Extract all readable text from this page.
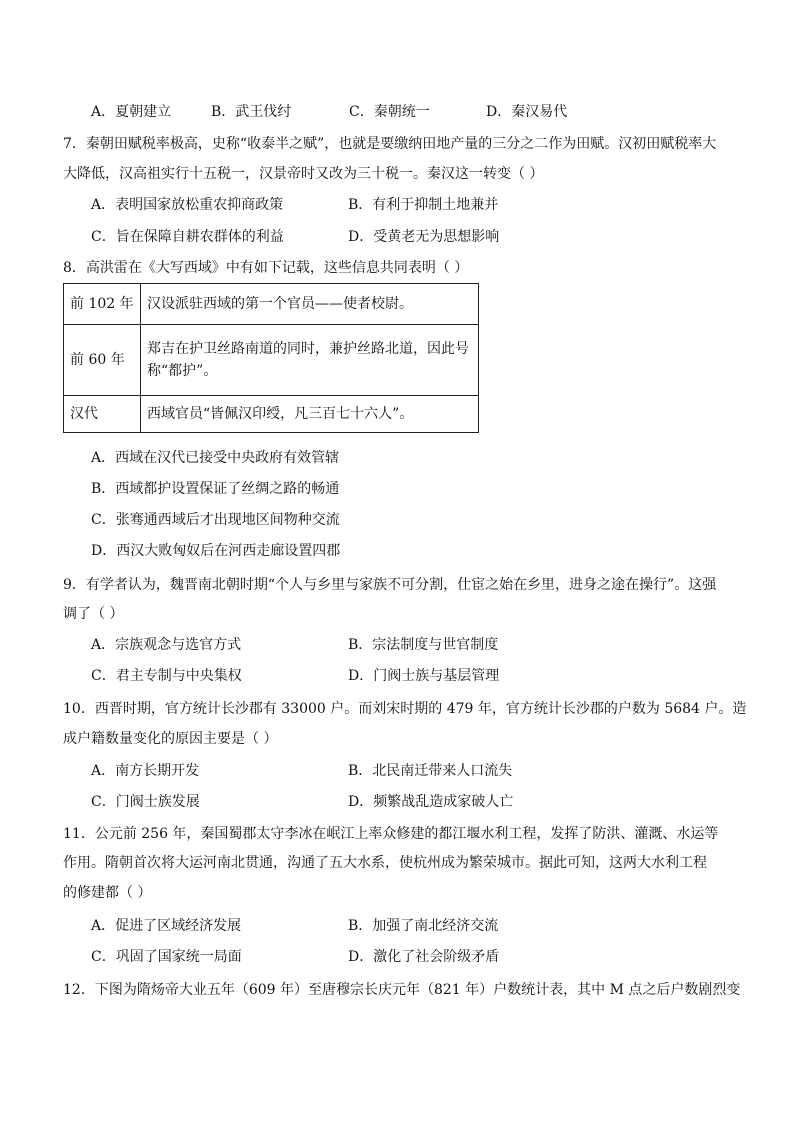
A．夏朝建立	B．武王伐纣	C．秦朝统一	D．秦汉易代
7．秦朝田赋税率极高，史称“收泰半之赋”，也就是要缴纳田地产量的三分之二作为田赋。汉初田赋税率大
大降低，汉高祖实行十五税一，汉景帝时又改为三十税一。秦汉这一转变（ ）
A．表明国家放松重农抑商政策	B．有利于抑制土地兼并
C．旨在保障自耕农群体的利益	D．受黄老无为思想影响
8．高洪雷在《大写西域》中有如下记载，这些信息共同表明（ ）
前 102 年	汉设派驻西域的第一个官员——使者校尉。
前 60 年	郑吉在护卫丝路南道的同时，兼护丝路北道，因此号
称“都护”。

汉代	西域官员“皆佩汉印绶，凡三百七十六人”。
A．西域在汉代已接受中央政府有效管辖
B．西域都护设置保证了丝绸之路的畅通
C．张骞通西域后才出现地区间物种交流
D．西汉大败匈奴后在河西走廊设置四郡
9．有学者认为，魏晋南北朝时期“个人与乡里与家族不可分割，仕宦之始在乡里，进身之途在操行”。这强
调了（ ）
A．宗族观念与选官方式	B．宗法制度与世官制度
C．君主专制与中央集权	D．门阀士族与基层管理
10．西晋时期，官方统计长沙郡有 33000 户。而刘宋时期的 479 年，官方统计长沙郡的户数为 5684 户。造
成户籍数量变化的原因主要是（ ）
A．南方长期开发	B．北民南迁带来人口流失
C．门阀士族发展	D．频繁战乱造成家破人亡
11．公元前 256 年，秦国蜀郡太守李冰在岷江上率众修建的都江堰水利工程，发挥了防洪、灌溉、水运等
作用。隋朝首次将大运河南北贯通，沟通了五大水系，使杭州成为繁荣城市。据此可知，这两大水利工程
的修建都（ ）
A．促进了区域经济发展	B．加强了南北经济交流
C．巩固了国家统一局面	D．激化了社会阶级矛盾
12．下图为隋炀帝大业五年（609 年）至唐穆宗长庆元年（821 年）户数统计表，其中 M 点之后户数剧烈变
